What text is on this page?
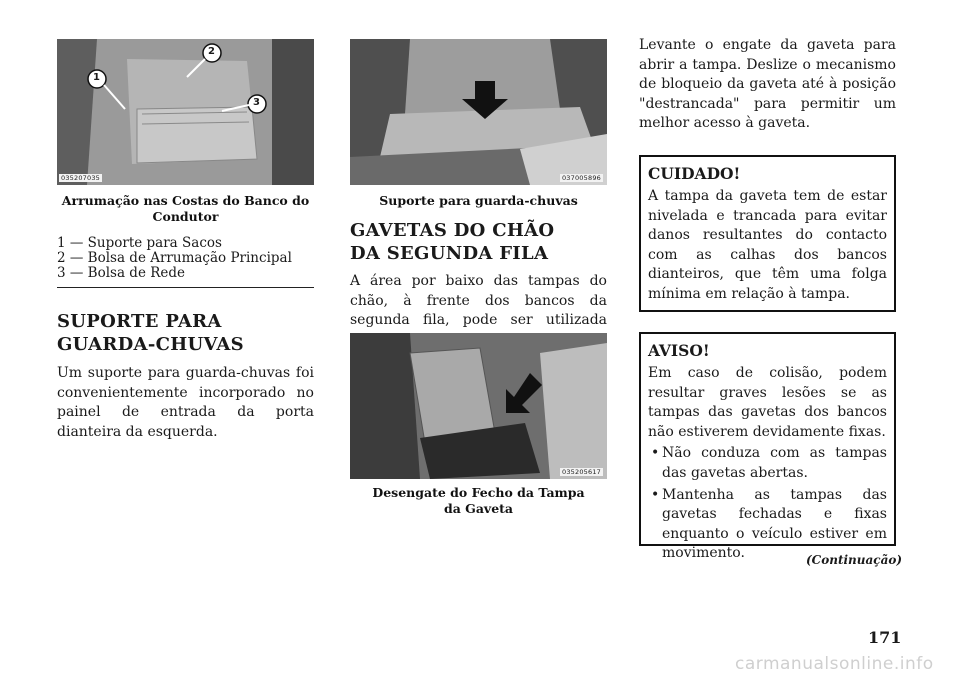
1
2
3
035207035
Arrumação nas Costas do Banco do Condutor
1 — Suporte para Sacos
2 — Bolsa de Arrumação Principal
3 — Bolsa de Rede
SUPORTE PARA GUARDA-CHUVAS

Um suporte para guarda-chuvas foi convenientemente incorporado no painel de entrada da porta dianteira da esquerda.

037005896
Suporte para guarda-chuvas
GAVETAS DO CHÃO DA SEGUNDA FILA

A área por baixo das tampas do chão, à frente dos bancos da segunda fila, pode ser utilizada

035205617
Desengate do Fecho da Tampa da Gaveta

Levante o engate da gaveta para abrir a tampa. Deslize o mecanismo de bloqueio da gaveta até à posição "destrancada" para permitir um melhor acesso à gaveta.

CUIDADO!

A tampa da gaveta tem de estar nivelada e trancada para evitar danos resultantes do contacto com as calhas dos bancos dianteiros, que têm uma folga mínima em relação à tampa.

AVISO!

Em caso de colisão, podem resultar graves lesões se as tampas das gavetas dos bancos não estiverem devidamente fixas.

• Não conduza com as tampas das gavetas abertas.
• Mantenha as tampas das gavetas fechadas e fixas enquanto o veículo estiver em movimento.	(Continuação)
171
carmanualsonline.info
